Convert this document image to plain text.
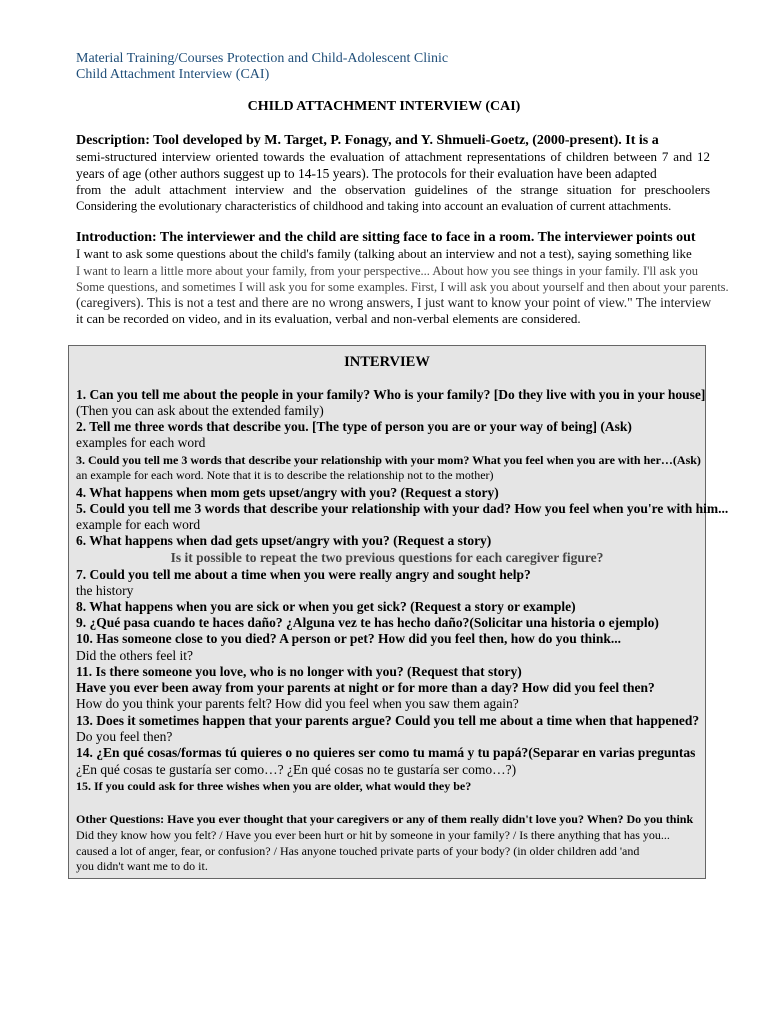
Material Training/Courses Protection and Child-Adolescent Clinic
Child Attachment Interview (CAI)
CHILD ATTACHMENT INTERVIEW (CAI)
Description: Tool developed by M. Target, P. Fonagy, and Y. Shmueli-Goetz, (2000-present). It is a
semi-structured interview oriented towards the evaluation of attachment representations of children between 7 and 12
years of age (other authors suggest up to 14-15 years). The protocols for their evaluation have been adapted
from the adult attachment interview and the observation guidelines of the strange situation for preschoolers
Considering the evolutionary characteristics of childhood and taking into account an evaluation of current attachments.
Introduction: The interviewer and the child are sitting face to face in a room. The interviewer points out
I want to ask some questions about the child's family (talking about an interview and not a test), saying something like
I want to learn a little more about your family, from your perspective... About how you see things in your family. I'll ask you
Some questions, and sometimes I will ask you for some examples. First, I will ask you about yourself and then about your parents.
(caregivers). This is not a test and there are no wrong answers, I just want to know your point of view." The interview
it can be recorded on video, and in its evaluation, verbal and non-verbal elements are considered.
INTERVIEW
1. Can you tell me about the people in your family? Who is your family? [Do they live with you in your house]
(Then you can ask about the extended family)
2. Tell me three words that describe you. [The type of person you are or your way of being] (Ask)
examples for each word
3. Could you tell me 3 words that describe your relationship with your mom? What you feel when you are with her…(Ask)
an example for each word. Note that it is to describe the relationship not to the mother)
4. What happens when mom gets upset/angry with you? (Request a story)
5. Could you tell me 3 words that describe your relationship with your dad? How you feel when you're with him...
example for each word
6. What happens when dad gets upset/angry with you? (Request a story)
Is it possible to repeat the two previous questions for each caregiver figure?
7. Could you tell me about a time when you were really angry and sought help?
the history
8. What happens when you are sick or when you get sick? (Request a story or example)
9. ¿Qué pasa cuando te haces daño? ¿Alguna vez te has hecho daño?(Solicitar una historia o ejemplo)
10. Has someone close to you died? A person or pet? How did you feel then, how do you think...
Did the others feel it?
11. Is there someone you love, who is no longer with you? (Request that story)
Have you ever been away from your parents at night or for more than a day? How did you feel then?
How do you think your parents felt? How did you feel when you saw them again?
13. Does it sometimes happen that your parents argue? Could you tell me about a time when that happened?
Do you feel then?
14. ¿En qué cosas/formas tú quieres o no quieres ser como tu mamá y tu papá?(Separar en varias preguntas
¿En qué cosas te gustaría ser como…? ¿En qué cosas no te gustaría ser como…?)
15. If you could ask for three wishes when you are older, what would they be?
Other Questions: Have you ever thought that your caregivers or any of them really didn't love you? When? Do you think
Did they know how you felt? / Have you ever been hurt or hit by someone in your family? / Is there anything that has you...
caused a lot of anger, fear, or confusion? / Has anyone touched private parts of your body? (in older children add 'and
you didn't want me to do it.
